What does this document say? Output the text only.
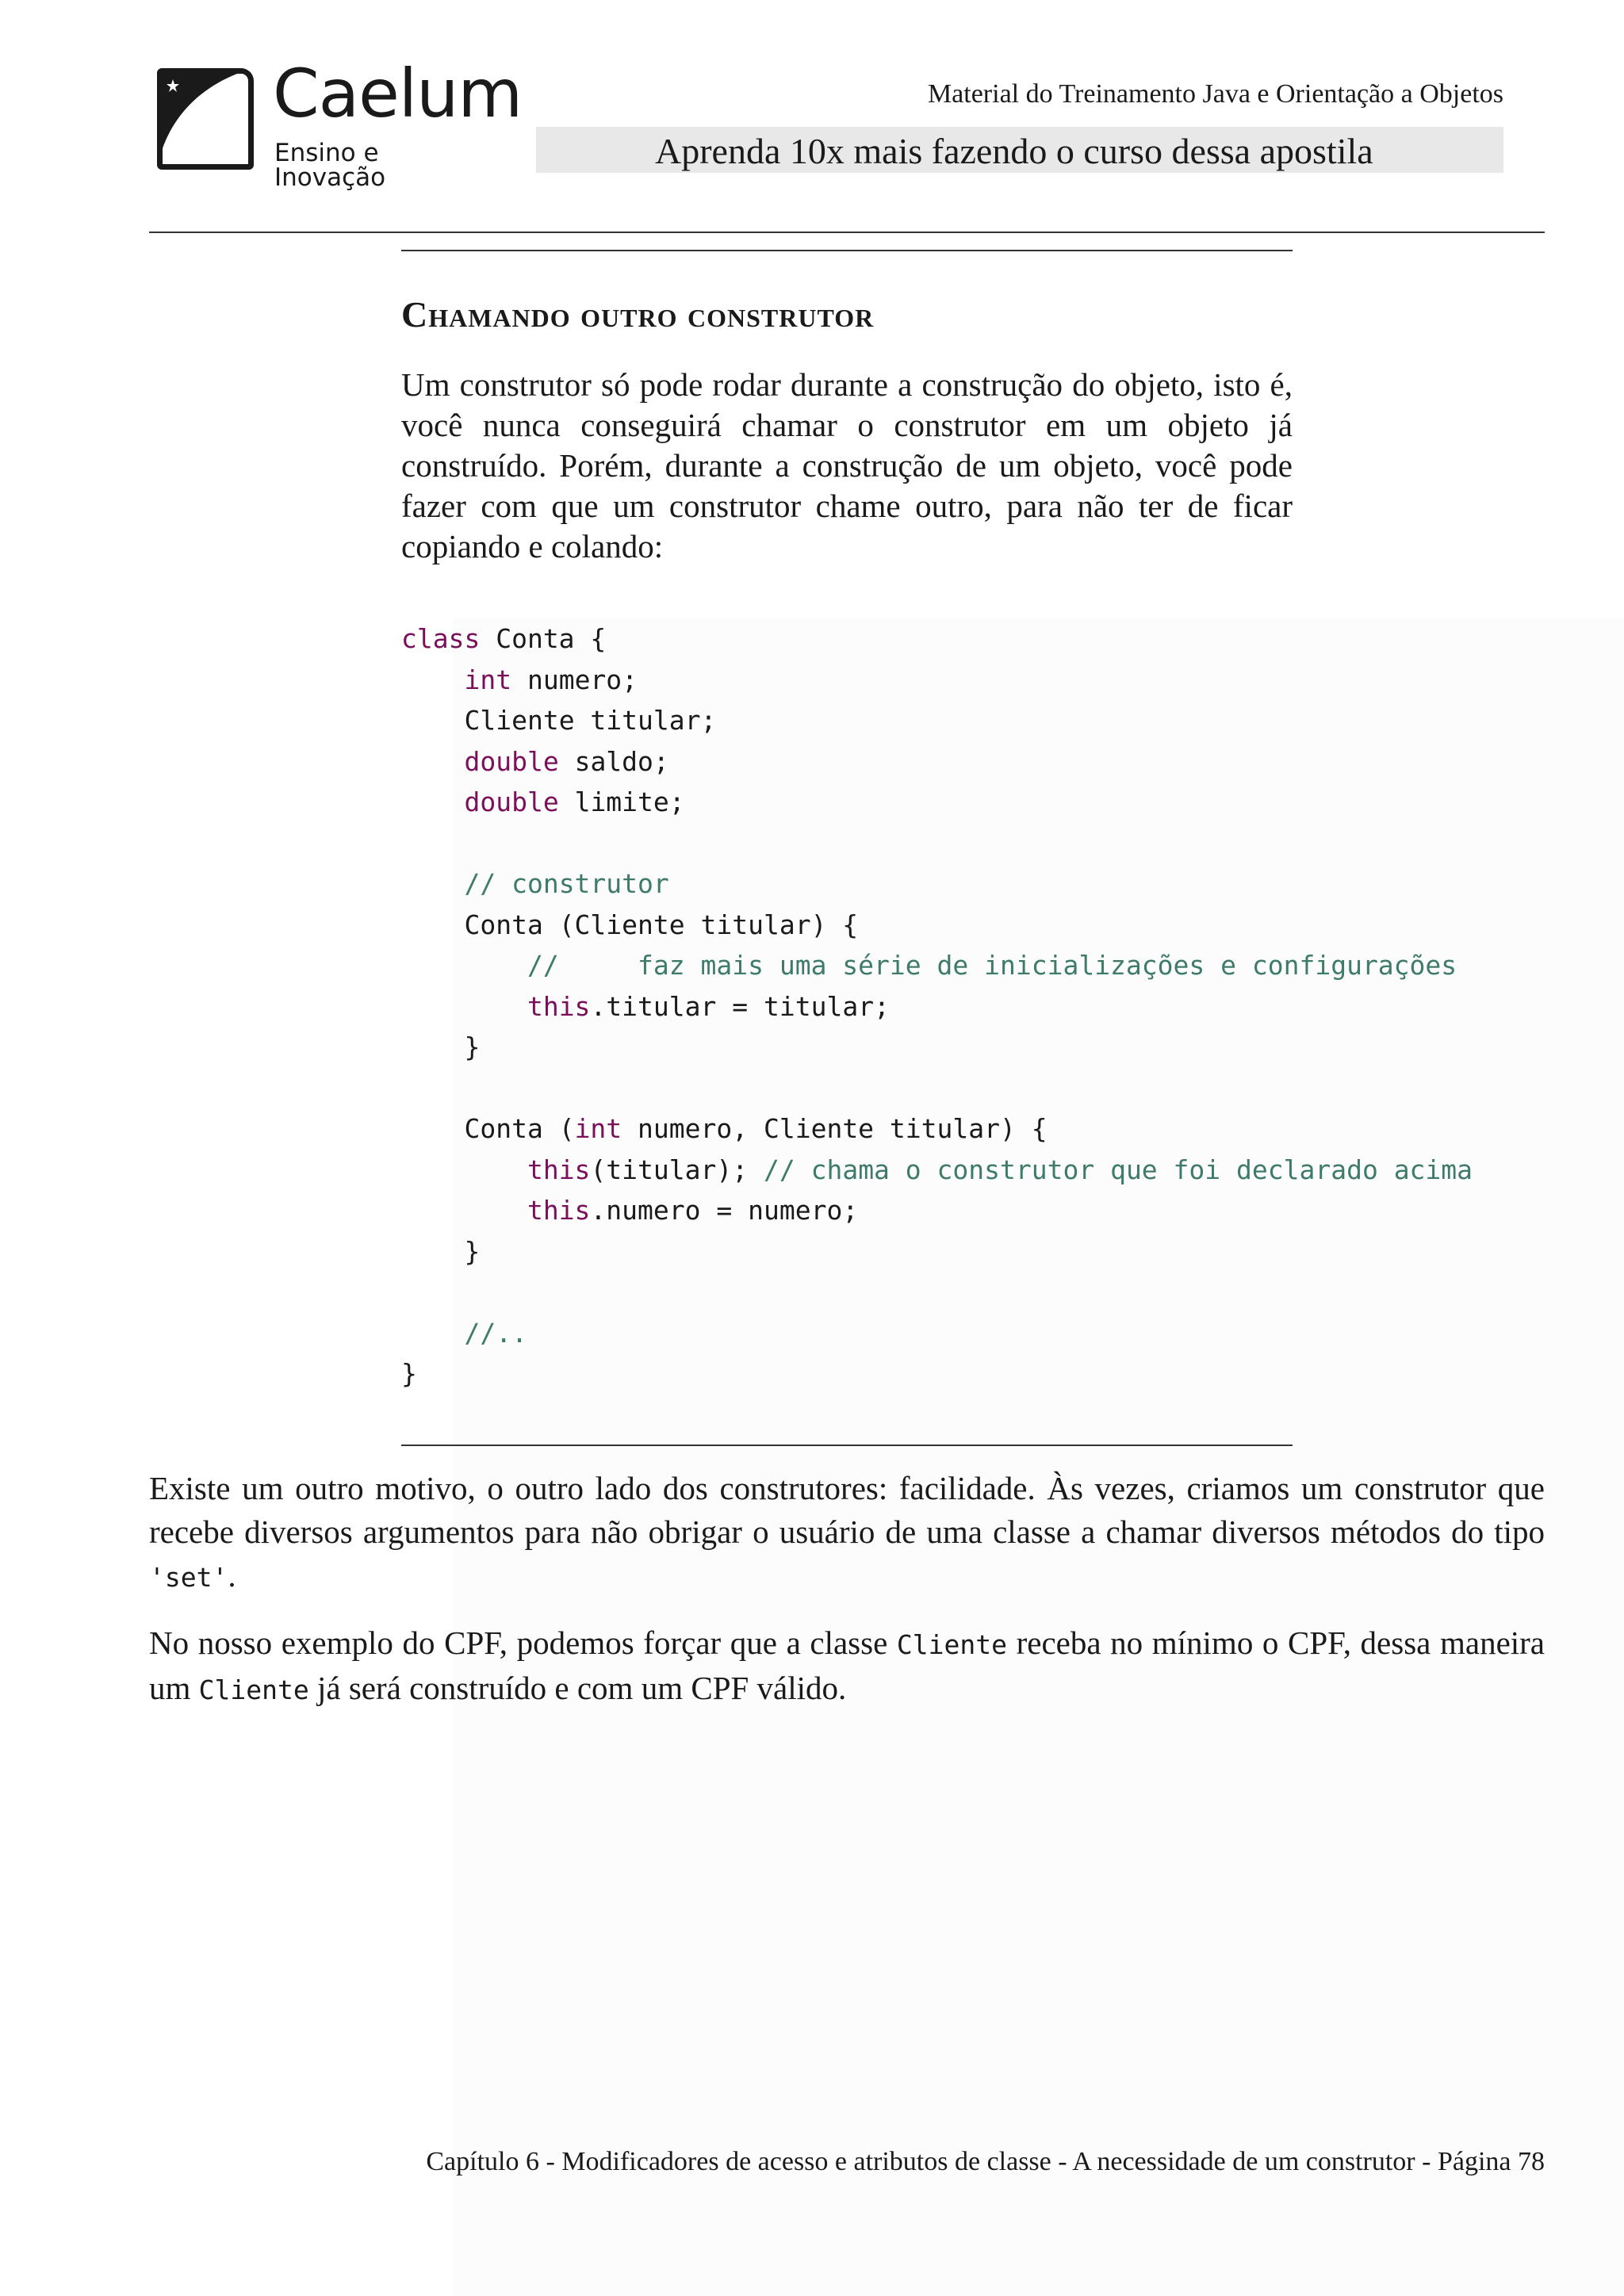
Caelum
Ensino e Inovação
Material do Treinamento Java e Orientação a Objetos
Aprenda 10x mais fazendo o curso dessa apostila
Chamando outro construtor
Um construtor só pode rodar durante a construção do objeto, isto é, você nunca conseguirá chamar o construtor em um objeto já construído. Porém, durante a construção de um objeto, você pode fazer com que um construtor chame outro, para não ter de ficar copiando e colando:
class Conta {
int numero;
Cliente titular;
double saldo;
double limite;

// construtor
Conta (Cliente titular) {
//     faz mais uma série de inicializações e configurações
this.titular = titular;
}

Conta (int numero, Cliente titular) {
this(titular); // chama o construtor que foi declarado acima
this.numero = numero;
}

//..
}
Existe um outro motivo, o outro lado dos construtores: facilidade. Às vezes, criamos um construtor que recebe diversos argumentos para não obrigar o usuário de uma classe a chamar diversos métodos do tipo 'set'.
No nosso exemplo do CPF, podemos forçar que a classe Cliente receba no mínimo o CPF, dessa maneira um Cliente já será construído e com um CPF válido.
Capítulo 6 - Modificadores de acesso e atributos de classe - A necessidade de um construtor - Página 78
